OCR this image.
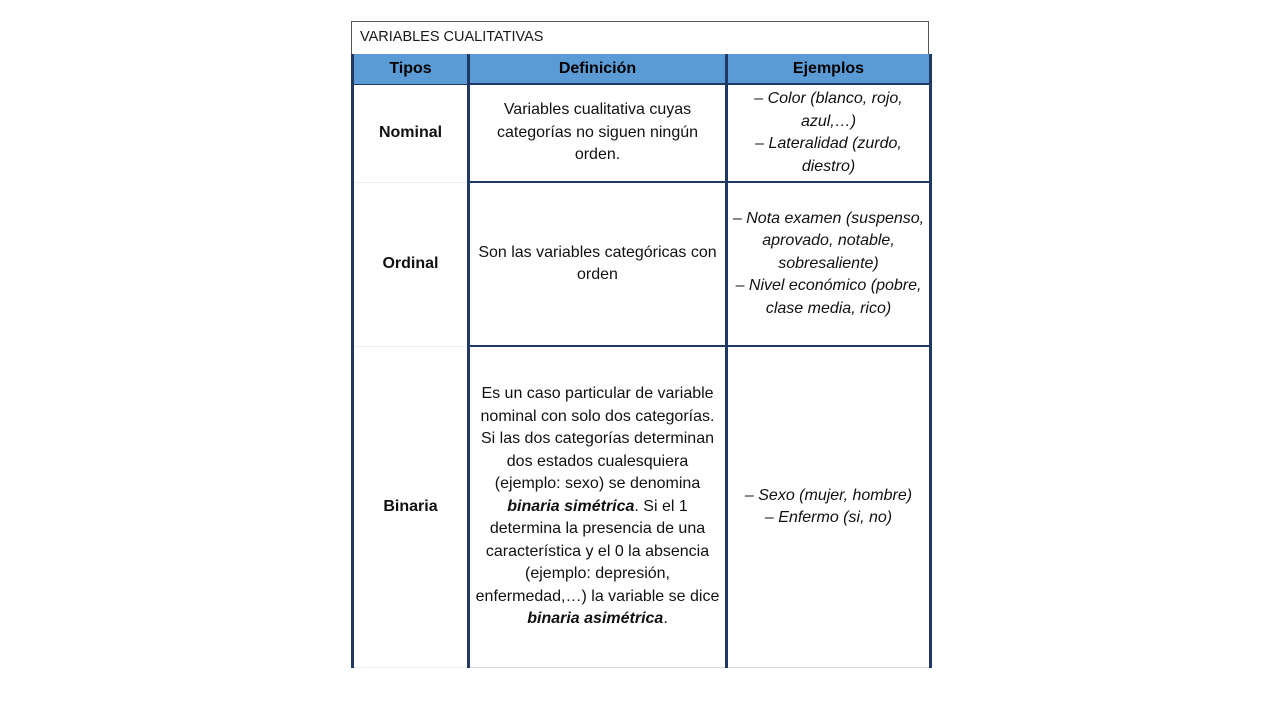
VARIABLES CUALITATIVAS
Tipos	Definición	Ejemplos
Nominal	Variables cualitativa cuyas categorías no siguen ningún orden.	– Color (blanco, rojo, azul,…)
– Lateralidad (zurdo, diestro)

Ordinal	Son las variables categóricas con orden	– Nota examen (suspenso, aprovado, notable, sobresaliente)
– Nivel económico (pobre, clase media, rico)

Binaria	Es un caso particular de variable nominal con solo dos categorías. Si las dos categorías determinan dos estados cualesquiera (ejemplo: sexo) se denomina binaria simétrica. Si el 1 determina la presencia de una característica y el 0 la absencia (ejemplo: depresión, enfermedad,…) la variable se dice binaria asimétrica.	– Sexo (mujer, hombre)
– Enfermo (si, no)
